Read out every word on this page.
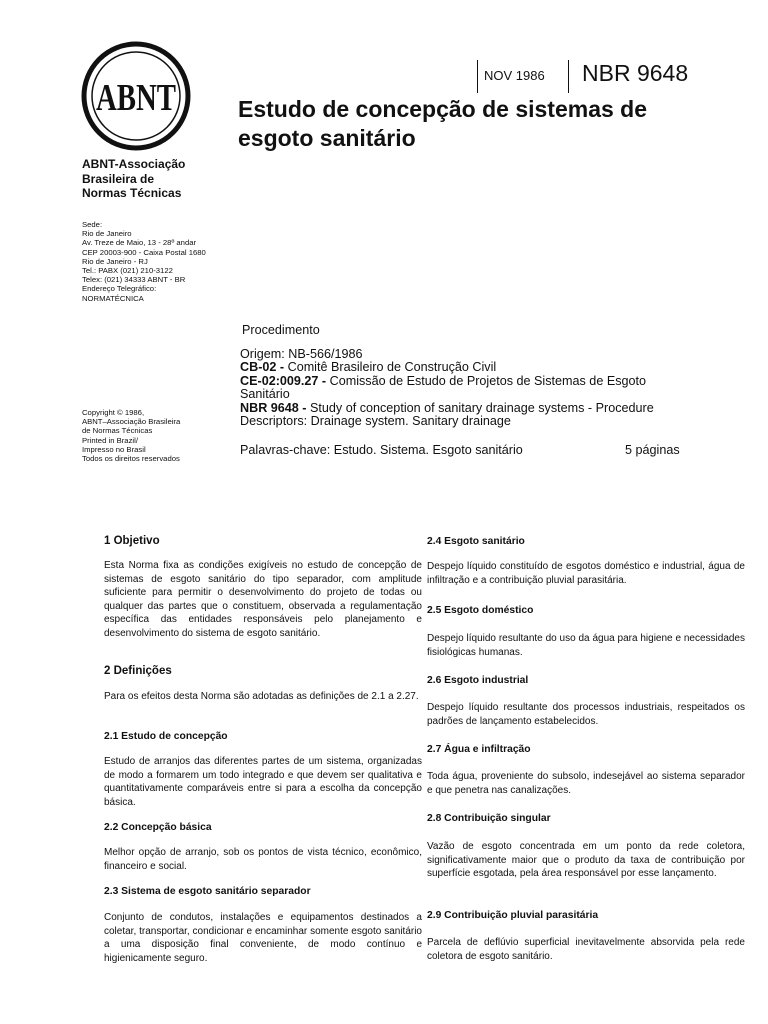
ABNT
NOV 1986 NBR 9648
Estudo de concepção de sistemas de
esgoto sanitário
ABNT-Associação
Brasileira de
Normas Técnicas
Sede:
Rio de Janeiro
Av. Treze de Maio, 13 - 28º andar
CEP 20003-900 - Caixa Postal 1680
Rio de Janeiro - RJ
Tel.: PABX (021) 210-3122
Telex: (021) 34333 ABNT - BR
Endereço Telegráfico:
NORMATÉCNICA
Copyright © 1986,
ABNT–Associação Brasileira
de Normas Técnicas
Printed in Brazil/
Impresso no Brasil
Todos os direitos reservados
Procedimento
Origem: NB-566/1986
CB-02 - Comitê Brasileiro de Construção Civil
CE-02:009.27 - Comissão de Estudo de Projetos de Sistemas de Esgoto
Sanitário
NBR 9648 - Study of conception of sanitary drainage systems - Procedure
Descriptors: Drainage system. Sanitary drainage
Palavras-chave: Estudo. Sistema. Esgoto sanitário	5 páginas
1 Objetivo

Esta Norma fixa as condições exigíveis no estudo de concepção de sistemas de esgoto sanitário do tipo separador, com amplitude suficiente para permitir o desenvolvimento do projeto de todas ou qualquer das partes que o constituem, observada a regulamentação específica das entidades responsáveis pelo planejamento e desenvolvimento do sistema de esgoto sanitário.

2 Definições

Para os efeitos desta Norma são adotadas as definições de 2.1 a 2.27.

2.1 Estudo de concepção

Estudo de arranjos das diferentes partes de um sistema, organizadas de modo a formarem um todo integrado e que devem ser qualitativa e quantitativamente comparáveis entre si para a escolha da concepção básica.

2.2 Concepção básica

Melhor opção de arranjo, sob os pontos de vista técnico, econômico, financeiro e social.

2.3 Sistema de esgoto sanitário separador

Conjunto de condutos, instalações e equipamentos destinados a coletar, transportar, condicionar e encaminhar somente esgoto sanitário a uma disposição final conveniente, de modo contínuo e higienicamente seguro.

2.4 Esgoto sanitário

Despejo líquido constituído de esgotos doméstico e industrial, água de infiltração e a contribuição pluvial parasitária.

2.5 Esgoto doméstico

Despejo líquido resultante do uso da água para higiene e necessidades fisiológicas humanas.

2.6 Esgoto industrial

Despejo líquido resultante dos processos industriais, respeitados os padrões de lançamento estabelecidos.

2.7 Água e infiltração

Toda água, proveniente do subsolo, indesejável ao sistema separador e que penetra nas canalizações.

2.8 Contribuição singular

Vazão de esgoto concentrada em um ponto da rede coletora, significativamente maior que o produto da taxa de contribuição por superfície esgotada, pela área responsável por esse lançamento.

2.9 Contribuição pluvial parasitária

Parcela de deflúvio superficial inevitavelmente absorvida pela rede coletora de esgoto sanitário.
